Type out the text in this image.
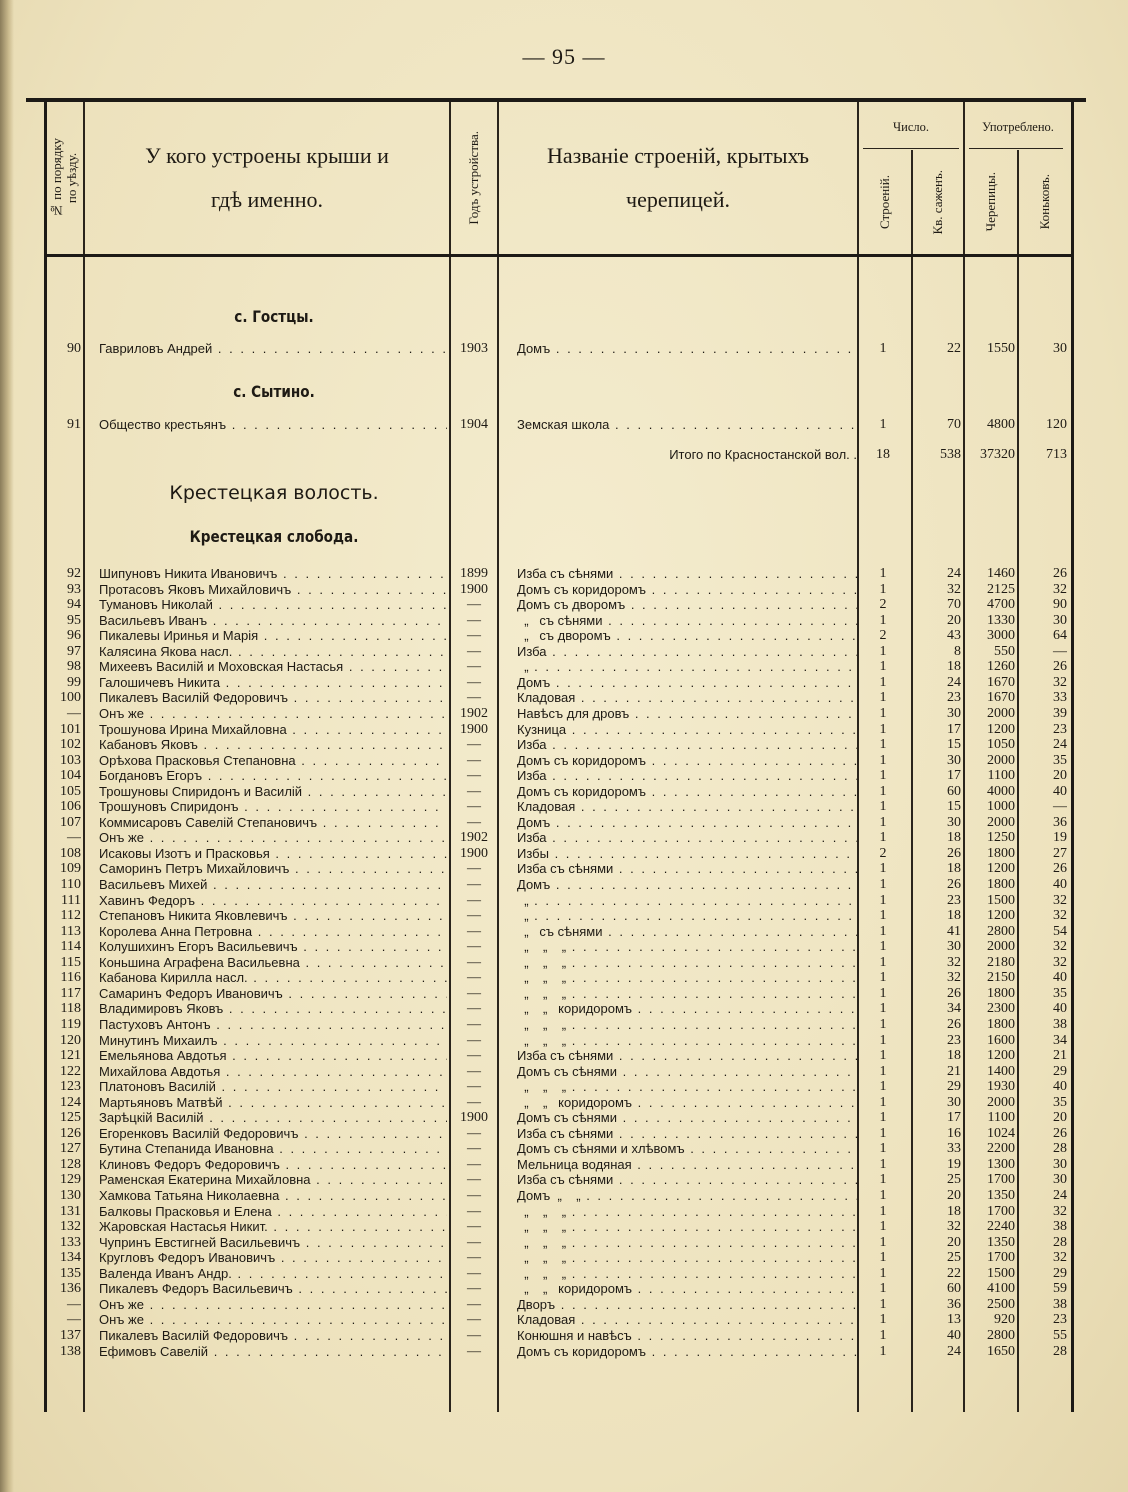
— 95 —
№ по порядку
по уѣзду.	У кого устроены крыши и
гдѣ именно.	Годъ устройства.	Названіе строеній, крытыхъ
черепицей.
Число.	Употреблено.
Строеній.	Кв. саженъ.	Черепицы.	Коньковъ.
с. Гостцы.
90 Гавриловъ Андрей . . .	1903	Домъ . . .	1	22	1550	30
с. Сытино.
91 Общество крестьянъ . . .	1904	Земская школа . . .	1	70	4800	120
Итого по Красностанской вол. .	18	538	37320	713
Крестецкая волость.
Крестецкая слобода.
92 Шипуновъ Никита Ивановичъ . . .	1899	Изба съ сѣнями . . .	1	24	1460	26
93 Протасовъ Яковъ Михайловичъ . . .	1900	Домъ съ коридоромъ . . .	1	32	2125	32
94 Тумановъ Николай . . .	—	Домъ съ дворомъ . . .	2	70	4700	90
95 Васильевъ Иванъ . . .	—	„   съ сѣнями . . .	1	20	1330	30
96 Пикалевы Иринья и Марія . . .	—	„   съ дворомъ . . .	2	43	3000	64
97 Калясина Якова насл. . . .	—	Изба . . .	1	8	550	—
98 Михеевъ Василій и Моховская Настасья . . .	—	„ . . .	1	18	1260	26
99 Галошичевъ Никита . . .	—	Домъ . . .	1	24	1670	32
100 Пикалевъ Василій Федоровичъ . . .	—	Кладовая . . .	1	23	1670	33
— Онъ же . . .	1902	Навѣсъ для дровъ . . .	1	30	2000	39
101 Трошунова Ирина Михайловна . . .	1900	Кузница . . .	1	17	1200	23
102 Кабановъ Яковъ . . .	—	Изба . . .	1	15	1050	24
103 Орѣхова Прасковья Степановна . . .	—	Домъ съ коридоромъ . . .	1	30	2000	35
104 Богдановъ Егоръ . . .	—	Изба . . .	1	17	1100	20
105 Трошуновы Спиридонъ и Василій . . .	—	Домъ съ коридоромъ . . .	1	60	4000	40
106 Трошуновъ Спиридонъ . . .	—	Кладовая . . .	1	15	1000	—
107 Коммисаровъ Савелій Степановичъ . . .	—	Домъ . . .	1	30	2000	36
— Онъ же . . .	1902	Изба . . .	1	18	1250	19
108 Исаковы Изотъ и Прасковья . . .	1900	Избы . . .	2	26	1800	27
109 Саморинъ Петръ Михайловичъ . . .	—	Изба съ сѣнями . . .	1	18	1200	26
110 Васильевъ Михей . . .	—	Домъ . . .	1	26	1800	40
111 Хавинъ Федоръ . . .	—	„ . . .	1	23	1500	32
112 Степановъ Никита Яковлевичъ . . .	—	„ . . .	1	18	1200	32
113 Королева Анна Петровна . . .	—	„   съ сѣнями . . .	1	41	2800	54
114 Колушихинъ Егоръ Васильевичъ . . .	—	„    „    „ . . .	1	30	2000	32
115 Коньшина Аграфена Васильевна . . .	—	„    „    „ . . .	1	32	2180	32
116 Кабанова Кирилла насл. . . .	—	„    „    „ . . .	1	32	2150	40
117 Самаринъ Федоръ Ивановичъ . . .	—	„    „    „ . . .	1	26	1800	35
118 Владимировъ Яковъ . . .	—	„    „   коридоромъ . . .	1	34	2300	40
119 Пастуховъ Антонъ . . .	—	„    „    „ . . .	1	26	1800	38
120 Минутинъ Михаилъ . . .	—	„    „    „ . . .	1	23	1600	34
121 Емельянова Авдотья . . .	—	Изба съ сѣнями . . .	1	18	1200	21
122 Михайлова Авдотья . . .	—	Домъ съ сѣнями . . .	1	21	1400	29
123 Платоновъ Василій . . .	—	„    „    „ . . .	1	29	1930	40
124 Мартьяновъ Матвѣй . . .	—	„    „   коридоромъ . . .	1	30	2000	35
125 Зарѣцкій Василій . . .	1900	Домъ съ сѣнями . . .	1	17	1100	20
126 Егоренковъ Василій Федоровичъ . . .	—	Изба съ сѣнями . . .	1	16	1024	26
127 Бутина Степанида Ивановна . . .	—	Домъ съ сѣнями и хлѣвомъ . . .	1	33	2200	28
128 Клиновъ Федоръ Федоровичъ . . .	—	Мельница водяная . . .	1	19	1300	30
129 Раменская Екатерина Михайловна . . .	—	Изба съ сѣнями . . .	1	25	1700	30
130 Хамкова Татьяна Николаевна . . .	—	Домъ  „    „ . . .	1	20	1350	24
131 Балковы Прасковья и Елена . . .	—	„    „    „ . . .	1	18	1700	32
132 Жаровская Настасья Никит. . . .	—	„    „    „ . . .	1	32	2240	38
133 Чупринъ Евстигней Васильевичъ . . .	—	„    „    „ . . .	1	20	1350	28
134 Кругловъ Федоръ Ивановичъ . . .	—	„    „    „ . . .	1	25	1700	32
135 Валенда Иванъ Андр. . . .	—	„    „    „ . . .	1	22	1500	29
136 Пикалевъ Федоръ Васильевичъ . . .	—	„    „   коридоромъ . . .	1	60	4100	59
— Онъ же . . .	—	Дворъ . . .	1	36	2500	38
— Онъ же . . .	—	Кладовая . . .	1	13	920	23
137 Пикалевъ Василій Федоровичъ . . .	—	Конюшня и навѣсъ . . .	1	40	2800	55
138 Ефимовъ Савелій . . .	—	Домъ съ коридоромъ . . .	1	24	1650	28
